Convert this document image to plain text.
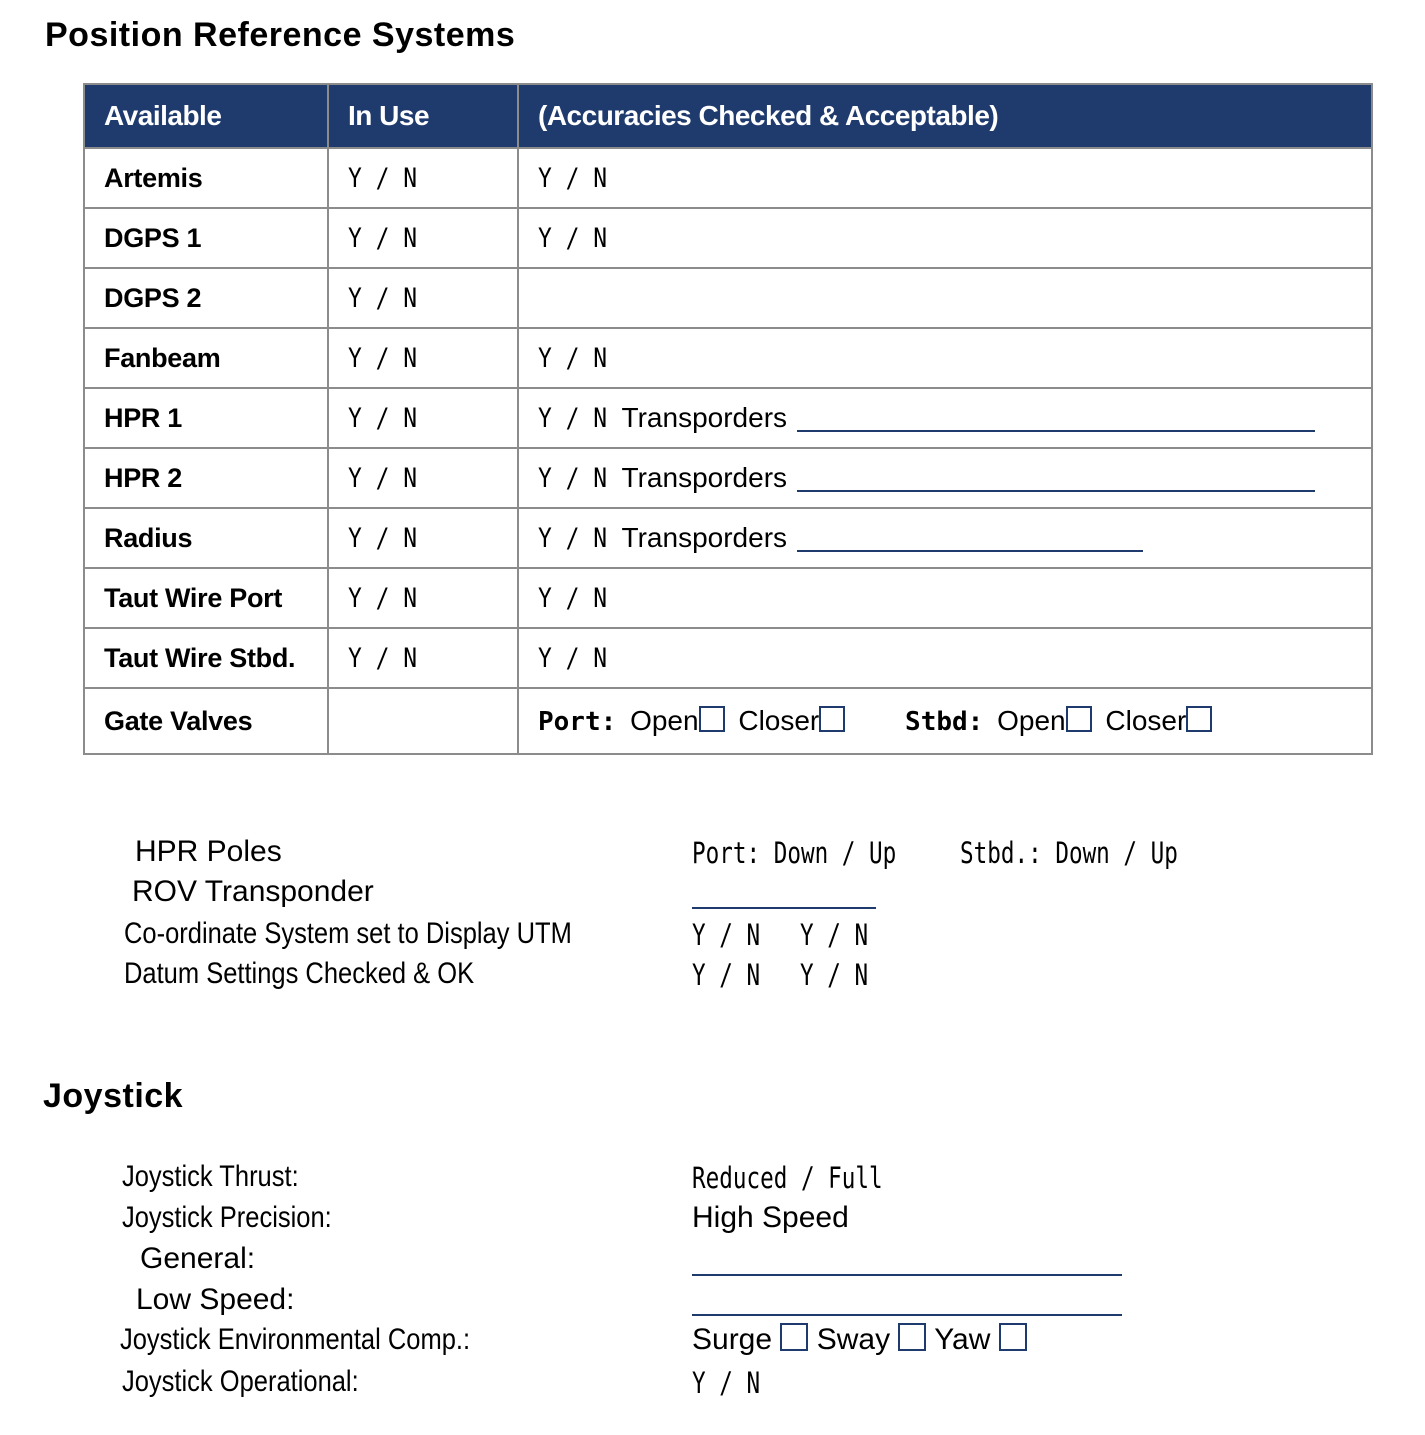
Position Reference Systems
Available	In Use	(Accuracies Checked & Acceptable)
Artemis	Y / N	Y / N
DGPS 1	Y / N	Y / N
DGPS 2	Y / N	
Fanbeam	Y / N	Y / N
HPR 1	Y / N	Y / N Transporders
HPR 2	Y / N	Y / N Transporders
Radius	Y / N	Y / N Transporders
Taut Wire Port	Y / N	Y / N
Taut Wire Stbd.	Y / N	Y / N
Gate Valves		Port: Open Closer Stbd: Open Closer
HPR Poles	Port: Down / Up	Stbd.: Down / Up
ROV Transponder
Co-ordinate System set to Display UTM	Y / N	Y / N
Datum Settings Checked & OK	Y / N	Y / N
Joystick
Joystick Thrust:	Reduced / Full
Joystick Precision:	High Speed
General:
Low Speed:
Joystick Environmental Comp.:	Surge Sway Yaw
Joystick Operational:	Y / N
